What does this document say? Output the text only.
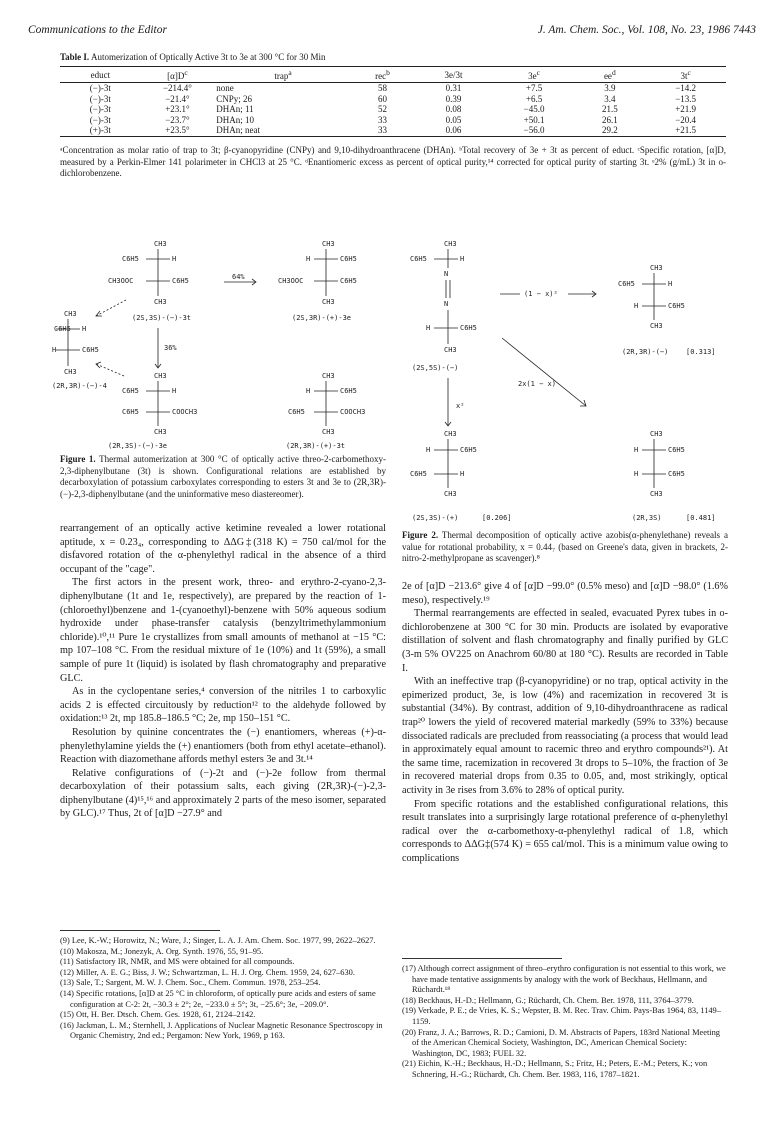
Communications to the Editor	J. Am. Chem. Soc., Vol. 108, No. 23, 1986 7443
Table I. Automerization of Optically Active 3t to 3e at 300 °C for 30 Min
educt	$[\alpha]D^c$	trap$^a$	rec$^b$	3e/3t	$3e^c$	$ee^d$	$3t^c$
(−)-3t	−214.4°	none	58	0.31	+7.5	3.9	−14.2
(−)-3t	−21.4°	CNPy; 26	60	0.39	+6.5	3.4	−13.5
(−)-3t	+23.1°	DHAn; 11	52	0.08	−45.0	21.5	+21.9
(−)-3t	−23.7°	DHAn; 10	33	0.05	+50.1	26.1	−20.4
(+)-3t	+23.5°	DHAn; neat	33	0.06	−56.0	29.2	+21.5
ᵃConcentration as molar ratio of trap to 3t; β-cyanopyridine (CNPy) and 9,10-dihydroanthracene (DHAn). ᵇTotal recovery of 3e + 3t as percent of educt. ᶜSpecific rotation, [α]D, measured by a Perkin-Elmer 141 polarimeter in CHCl3 at 25 °C. ᵈEnantiomeric excess as percent of optical purity,¹⁴ corrected for optical purity of starting 3t. ᵉ2% (g/mL) 3t in o-dichlorobenzene.
CH3
C6H5	H
CH3OOC	C6H5
CH3
(2S,3S)-(−)-3t
64%
CH3
H	C6H5
CH3OOC	C6H5
CH3
(2S,3R)-(+)-3e
CH3
C6H5 H
H	C6H5
CH3
(2R,3R)-(−)-4
36%
CH3
C6H5	H
C6H5	COOCH3
CH3
CH3
H	C6H5
C6H5	COOCH3
CH3
(2R,3S)-(−)-3e	(2R,3R)-(+)-3t
Figure 1. Thermal automerization at 300 °C of optically active threo-2-carbomethoxy-2,3-diphenylbutane (3t) is shown. Configurational relations are established by decarboxylation of potassium carboxylates corresponding to esters 3t and 3e to (2R,3R)-(−)-2,3-diphenylbutane (and the uninformative meso diastereomer).
CH3
C6H5	H
N
N
H	C6H5
CH3
(2S,5S)-(−)
(1 − x)²
CH3
C6H5	H
H	C6H5
CH3
(2R,3R)-(−)	[0.313]
2x(1 − x)
x²
CH3
H	C6H5
C6H5	H
CH3
(2S,3S)-(+)	[0.206]
CH3
H	C6H5
H	C6H5
CH3
(2R,3S)	[0.481]
Figure 2. Thermal decomposition of optically active azobis(α-phenylethane) reveals a value for rotational probability, x = 0.44₇ (based on Greene's data, given in brackets, 2-nitro-2-methylpropane as scavenger).⁸

rearrangement of an optically active ketimine revealed a lower rotational aptitude, x = 0.23₄, corresponding to ΔΔG‡(318 K) = 750 cal/mol for the disfavored rotation of the α-phenylethyl radical in the absence of a third occupant of the "cage".

The first actors in the present work, threo- and erythro-2-cyano-2,3-diphenylbutane (1t and 1e, respectively), are prepared by the reaction of 1-(chloroethyl)benzene and 1-(cyanoethyl)-benzene with 50% aqueous sodium hydroxide under phase-transfer catalysis (benzyltrimethylammonium chloride).¹⁰,¹¹ Pure 1e crystallizes from small amounts of methanol at −15 °C: mp 107–108 °C. From the residual mixture of 1e (10%) and 1t (59%), a small sample of pure 1t (liquid) is isolated by flash chromatography and preparative GLC.

As in the cyclopentane series,⁴ conversion of the nitriles 1 to carboxylic acids 2 is effected circuitously by reduction¹² to the aldehyde followed by oxidation:¹³ 2t, mp 185.8–186.5 °C; 2e, mp 150–151 °C.

Resolution by quinine concentrates the (−) enantiomers, whereas (+)-α-phenylethylamine yields the (+) enantiomers (both from ethyl acetate–ethanol). Reaction with diazomethane affords methyl esters 3e and 3t.¹⁴

Relative configurations of (−)-2t and (−)-2e follow from thermal decarboxylation of their potassium salts, each giving (2R,3R)-(−)-2,3-diphenylbutane (4)¹⁵,¹⁶ and approximately 2 parts of the meso isomer, separated by GLC).¹⁷ Thus, 2t of [α]D −27.9° and

2e of [α]D −213.6° give 4 of [α]D −99.0° (0.5% meso) and [α]D −98.0° (1.6% meso), respectively.¹⁹

Thermal rearrangements are effected in sealed, evacuated Pyrex tubes in o-dichlorobenzene at 300 °C for 30 min. Products are isolated by evaporative distillation of solvent and flash chromatography and finally purified by GLC (3-m 5% OV225 on Anachrom 60/80 at 180 °C). Results are recorded in Table I.

With an ineffective trap (β-cyanopyridine) or no trap, optical activity in the epimerized product, 3e, is low (4%) and racemization in recovered 3t is substantial (34%). By contrast, addition of 9,10-dihydroanthracene as radical trap²⁰ lowers the yield of recovered material markedly (59% to 33%) because dissociated radicals are precluded from reassociating (a process that would lead in approximately equal amount to racemic threo and erythro compounds²¹). At the same time, racemization in recovered 3t drops to 5–10%, the fraction of 3e in recovered material drops from 0.35 to 0.05, and, most strikingly, optical activity in 3e rises from 3.6% to 28% of optical purity.

From specific rotations and the established configurational relations, this result translates into a surprisingly large rotational preference of α-phenylethyl radical over the α-carbomethoxy-α-phenylethyl radical of 1.8, which corresponds to ΔΔG‡(574 K) = 655 cal/mol. This is a minimum value owing to complications

(9) Lee, K.-W.; Horowitz, N.; Ware, J.; Singer, L. A. J. Am. Chem. Soc. 1977, 99, 2622–2627.

(10) Makosza, M.; Jonezyk, A. Org. Synth. 1976, 55, 91–95.

(11) Satisfactory IR, NMR, and MS were obtained for all compounds.

(12) Miller, A. E. G.; Biss, J. W.; Schwartzman, L. H. J. Org. Chem. 1959, 24, 627–630.

(13) Sale, T.; Sargent, M. W. J. Chem. Soc., Chem. Commun. 1978, 253–254.

(14) Specific rotations, [α]D at 25 °C in chloroform, of optically pure acids and esters of same configuration at C-2: 2t, −30.3 ± 2°; 2e, −233.0 ± 5°; 3t, −25.6°; 3e, −209.0°.

(15) Ott, H. Ber. Dtsch. Chem. Ges. 1928, 61, 2124–2142.

(16) Jackman, L. M.; Sternhell, J. Applications of Nuclear Magnetic Resonance Spectroscopy in Organic Chemistry, 2nd ed.; Pergamon: New York, 1969, p 163.

(17) Although correct assignment of threo–erythro configuration is not essential to this work, we have made tentative assignments by analogy with the work of Beckhaus, Hellmann, and Rüchardt.¹⁸

(18) Beckhaus, H.-D.; Hellmann, G.; Rüchardt, Ch. Chem. Ber. 1978, 111, 3764–3779.

(19) Verkade, P. E.; de Vries, K. S.; Wepster, B. M. Rec. Trav. Chim. Pays-Bas 1964, 83, 1149–1159.

(20) Franz, J. A.; Barrows, R. D.; Camioni, D. M. Abstracts of Papers, 183rd National Meeting of the American Chemical Society, Washington, DC, American Chemical Society: Washington, DC, 1983; FUEL 32.

(21) Eichin, K.-H.; Beckhaus, H.-D.; Hellmann, S.; Fritz, H.; Peters, E.-M.; Peters, K.; von Schnering, H.-G.; Rüchardt, Ch. Chem. Ber. 1983, 116, 1787–1821.
